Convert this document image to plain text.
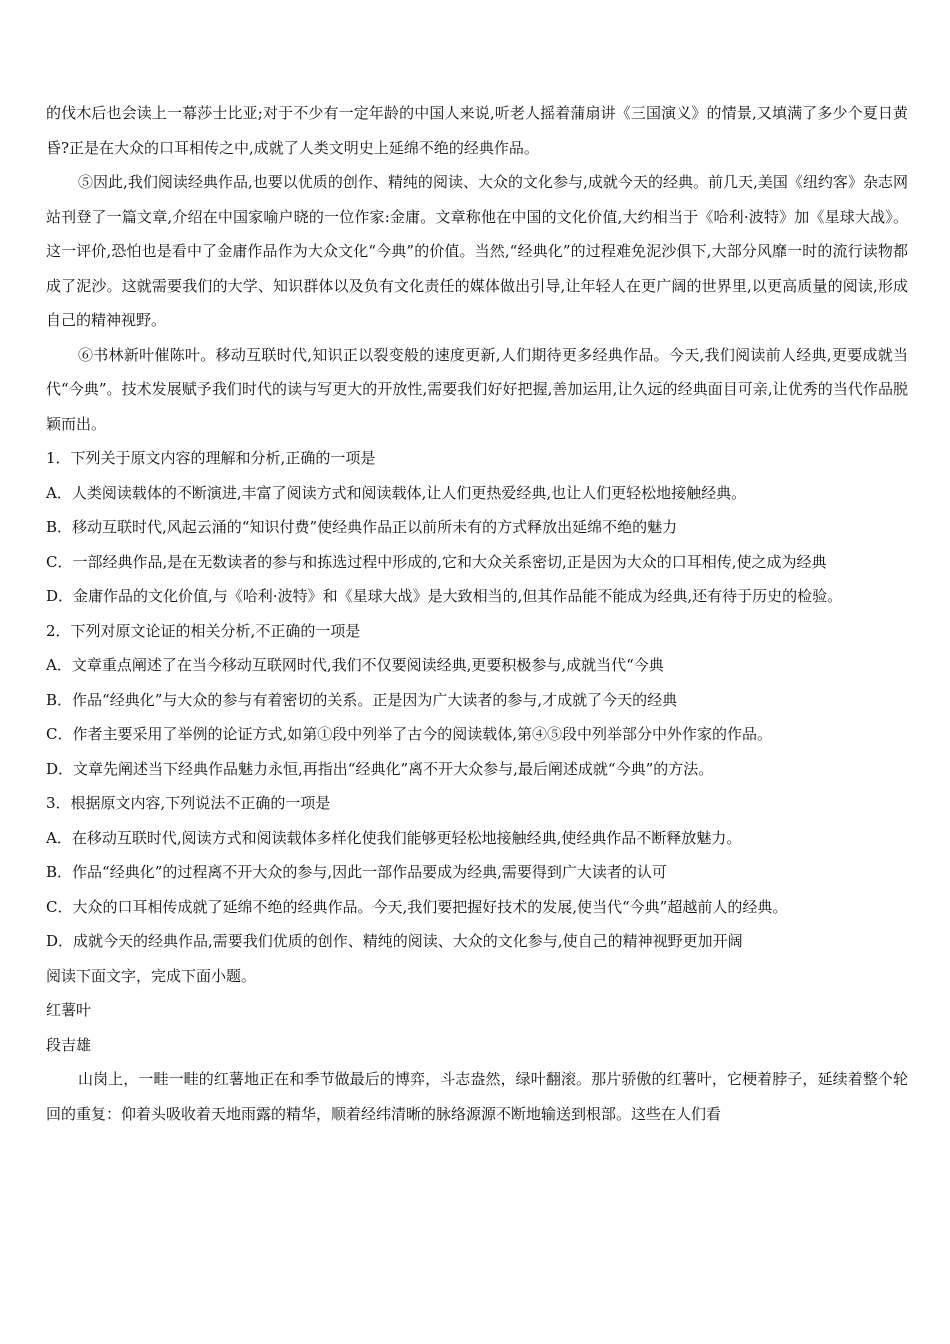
的伐木后也会读上一幕莎士比亚;对于不少有一定年龄的中国人来说,听老人摇着蒲扇讲《三国演义》的情景,又填满了多少个夏日黄昏?正是在大众的口耳相传之中,成就了人类文明史上延绵不绝的经典作品。

⑤因此,我们阅读经典作品,也要以优质的创作、精纯的阅读、大众的文化参与,成就今天的经典。前几天,美国《纽约客》杂志网站刊登了一篇文章,介绍在中国家喻户晓的一位作家:金庸。文章称他在中国的文化价值,大约相当于《哈利·波特》加《星球大战》。这一评价,恐怕也是看中了金庸作品作为大众文化“今典”的价值。当然,“经典化”的过程难免泥沙俱下,大部分风靡一时的流行读物都成了泥沙。这就需要我们的大学、知识群体以及负有文化责任的媒体做出引导,让年轻人在更广阔的世界里,以更高质量的阅读,形成自己的精神视野。

⑥书林新叶催陈叶。移动互联时代,知识正以裂变般的速度更新,人们期待更多经典作品。今天,我们阅读前人经典,更要成就当代“今典”。技术发展赋予我们时代的读与写更大的开放性,需要我们好好把握,善加运用,让久远的经典面目可亲,让优秀的当代作品脱颖而出。

1．下列关于原文内容的理解和分析,正确的一项是

A．人类阅读载体的不断演进,丰富了阅读方式和阅读载体,让人们更热爱经典,也让人们更轻松地接触经典。

B．移动互联时代,风起云涌的“知识付费”使经典作品正以前所未有的方式释放出延绵不绝的魅力

C．一部经典作品,是在无数读者的参与和拣选过程中形成的,它和大众关系密切,正是因为大众的口耳相传,使之成为经典

D．金庸作品的文化价值,与《哈利·波特》和《星球大战》是大致相当的,但其作品能不能成为经典,还有待于历史的检验。

2．下列对原文论证的相关分析,不正确的一项是

A．文章重点阐述了在当今移动互联网时代,我们不仅要阅读经典,更要积极参与,成就当代“今典

B．作品“经典化”与大众的参与有着密切的关系。正是因为广大读者的参与,才成就了今天的经典

C．作者主要采用了举例的论证方式,如第①段中列举了古今的阅读载体,第④⑤段中列举部分中外作家的作品。

D．文章先阐述当下经典作品魅力永恒,再指出“经典化”离不开大众参与,最后阐述成就“今典”的方法。

3．根据原文内容,下列说法不正确的一项是

A．在移动互联时代,阅读方式和阅读载体多样化使我们能够更轻松地接触经典,使经典作品不断释放魅力。

B．作品“经典化”的过程离不开大众的参与,因此一部作品要成为经典,需要得到广大读者的认可

C．大众的口耳相传成就了延绵不绝的经典作品。今天,我们要把握好技术的发展,使当代“今典”超越前人的经典。

D．成就今天的经典作品,需要我们优质的创作、精纯的阅读、大众的文化参与,使自己的精神视野更加开阔

阅读下面文字，完成下面小题。

红薯叶

段吉雄

山岗上，一畦一畦的红薯地正在和季节做最后的博弈，斗志盎然，绿叶翻滚。那片骄傲的红薯叶，它梗着脖子，延续着整个轮回的重复：仰着头吸收着天地雨露的精华，顺着经纬清晰的脉络源源不断地输送到根部。这些在人们看
